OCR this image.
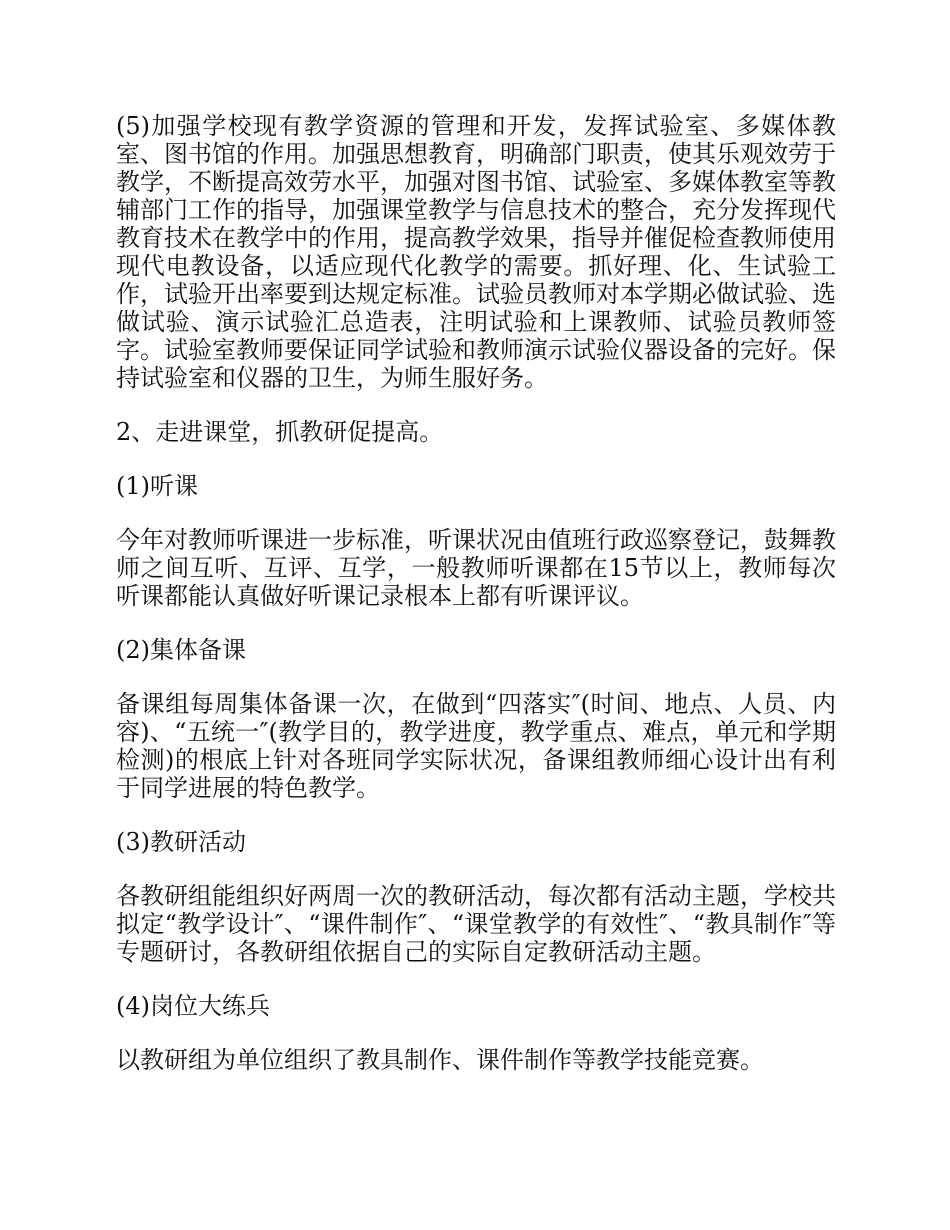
(5)加强学校现有教学资源的管理和开发，发挥试验室、多媒体教室、图书馆的作用。加强思想教育，明确部门职责，使其乐观效劳于教学，不断提高效劳水平，加强对图书馆、试验室、多媒体教室等教辅部门工作的指导，加强课堂教学与信息技术的整合，充分发挥现代教育技术在教学中的作用，提高教学效果，指导并催促检查教师使用现代电教设备，以适应现代化教学的需要。抓好理、化、生试验工作，试验开出率要到达规定标准。试验员教师对本学期必做试验、选做试验、演示试验汇总造表，注明试验和上课教师、试验员教师签字。试验室教师要保证同学试验和教师演示试验仪器设备的完好。保持试验室和仪器的卫生，为师生服好务。

2、走进课堂，抓教研促提高。

(1)听课

今年对教师听课进一步标准，听课状况由值班行政巡察登记，鼓舞教师之间互听、互评、互学，一般教师听课都在15节以上，教师每次听课都能认真做好听课记录根本上都有听课评议。

(2)集体备课

备课组每周集体备课一次，在做到“四落实″(时间、地点、人员、内容)、“五统一″(教学目的，教学进度，教学重点、难点，单元和学期检测)的根底上针对各班同学实际状况，备课组教师细心设计出有利于同学进展的特色教学。

(3)教研活动

各教研组能组织好两周一次的教研活动，每次都有活动主题，学校共拟定“教学设计″、“课件制作″、“课堂教学的有效性″、“教具制作″等专题研讨，各教研组依据自己的实际自定教研活动主题。

(4)岗位大练兵

以教研组为单位组织了教具制作、课件制作等教学技能竞赛。
